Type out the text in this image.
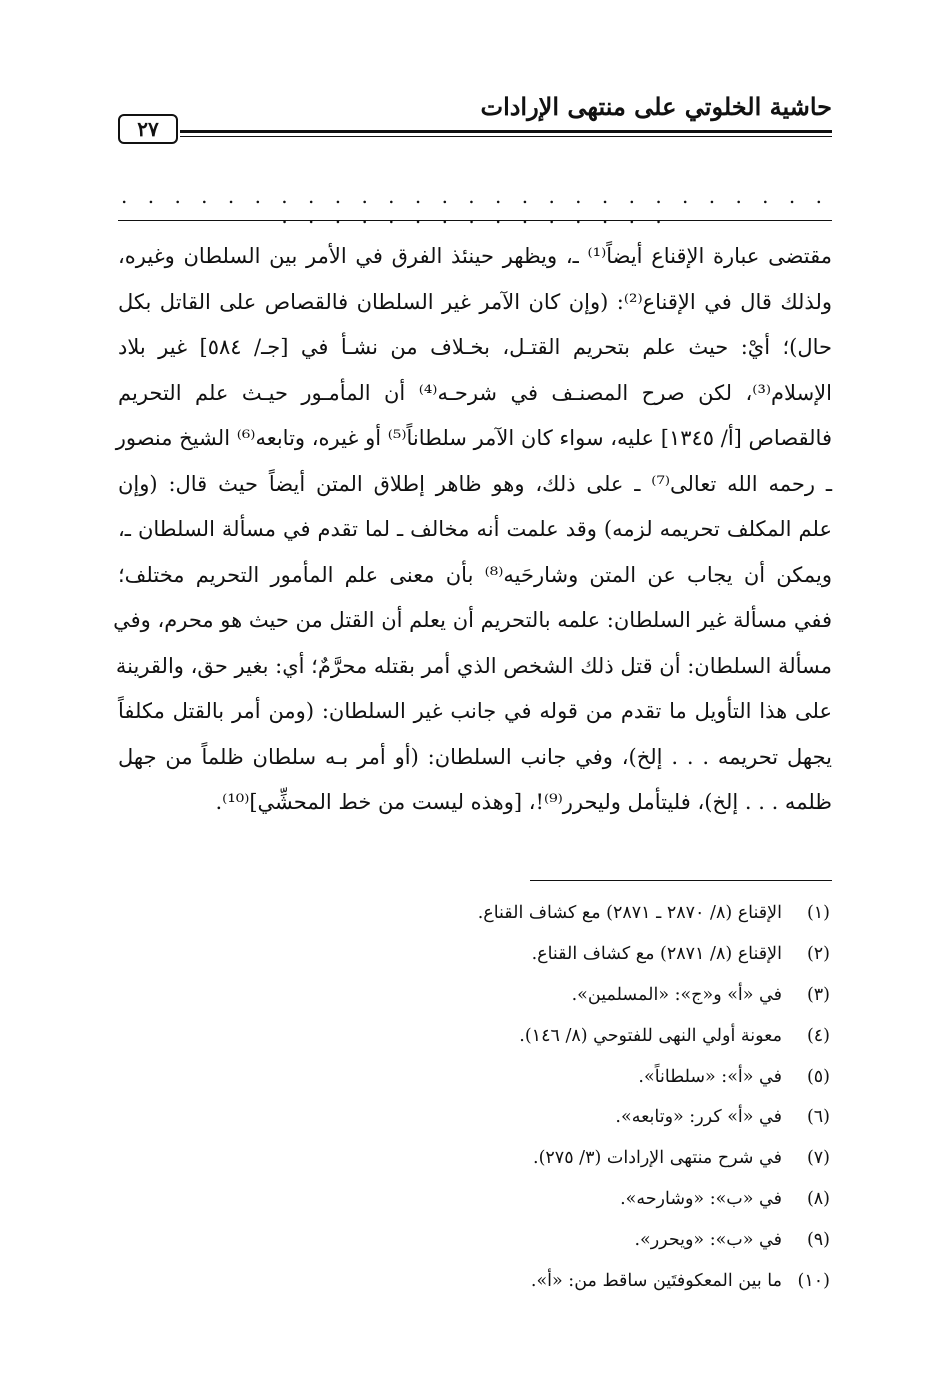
حاشية الخلوتي على منتهى الإرادات
٢٧
. . . . . . . . . . . . . . . . . . . . . . . . . . . . . . . . . . . . . . . . . .
مقتضى عبارة الإقناع أيضاً⁽¹⁾ ـ، ويظهر حينئذ الفرق في الأمر بين السلطان وغيره،
ولذلك قال في الإقناع⁽²⁾: (وإن كان الآمر غير السلطان فالقصاص على القاتل بكل
حال)؛ أيْ: حيث علم بتحريم القتـل، بخـلاف من نشـأ في [جـ/ ٥٨٤] غير بلاد
الإسلام⁽³⁾، لكن صرح المصنـف في شرحـه⁽⁴⁾ أن المأمـور حيـث علم التحريم
فالقصاص [أ/ ١٣٤٥] عليه، سواء كان الآمر سلطاناً⁽⁵⁾ أو غيره، وتابعه⁽⁶⁾ الشيخ منصور
ـ رحمه الله تعالى⁽⁷⁾ ـ على ذلك، وهو ظاهر إطلاق المتن أيضاً حيث قال: (وإن
علم المكلف تحريمه لزمه) وقد علمت أنه مخالف ـ لما تقدم في مسألة السلطان ـ،
ويمكن أن يجاب عن المتن وشارحَيه⁽⁸⁾ بأن معنى علم المأمور التحريم مختلف؛
ففي مسألة غير السلطان: علمه بالتحريم أن يعلم أن القتل من حيث هو محرم، وفي
مسألة السلطان: أن قتل ذلك الشخص الذي أمر بقتله محرَّمٌ؛ أي: بغير حق، والقرينة
على هذا التأويل ما تقدم من قوله في جانب غير السلطان: (ومن أمر بالقتل مكلفاً
يجهل تحريمه . . . إلخ)، وفي جانب السلطان: (أو أمر بـه سلطان ظلماً من جهل
ظلمه . . . إلخ)، فليتأمل وليحرر⁽⁹⁾!، [وهذه ليست من خط المحشِّي]⁽¹⁰⁾.
(١)الإقناع (٨/ ٢٨٧٠ ـ ٢٨٧١) مع كشاف القناع.
(٢)الإقناع (٨/ ٢٨٧١) مع كشاف القناع.
(٣)في «أ» و«ج»: «المسلمين».
(٤)معونة أولي النهى للفتوحي (٨/ ١٤٦).
(٥)في «أ»: «سلطاناً».
(٦)في «أ» كرر: «وتابعه».
(٧)في شرح منتهى الإرادات (٣/ ٢٧٥).
(٨)في «ب»: «وشارحه».
(٩)في «ب»: «ويحرر».
(١٠)ما بين المعكوفتَين ساقط من: «أ».
